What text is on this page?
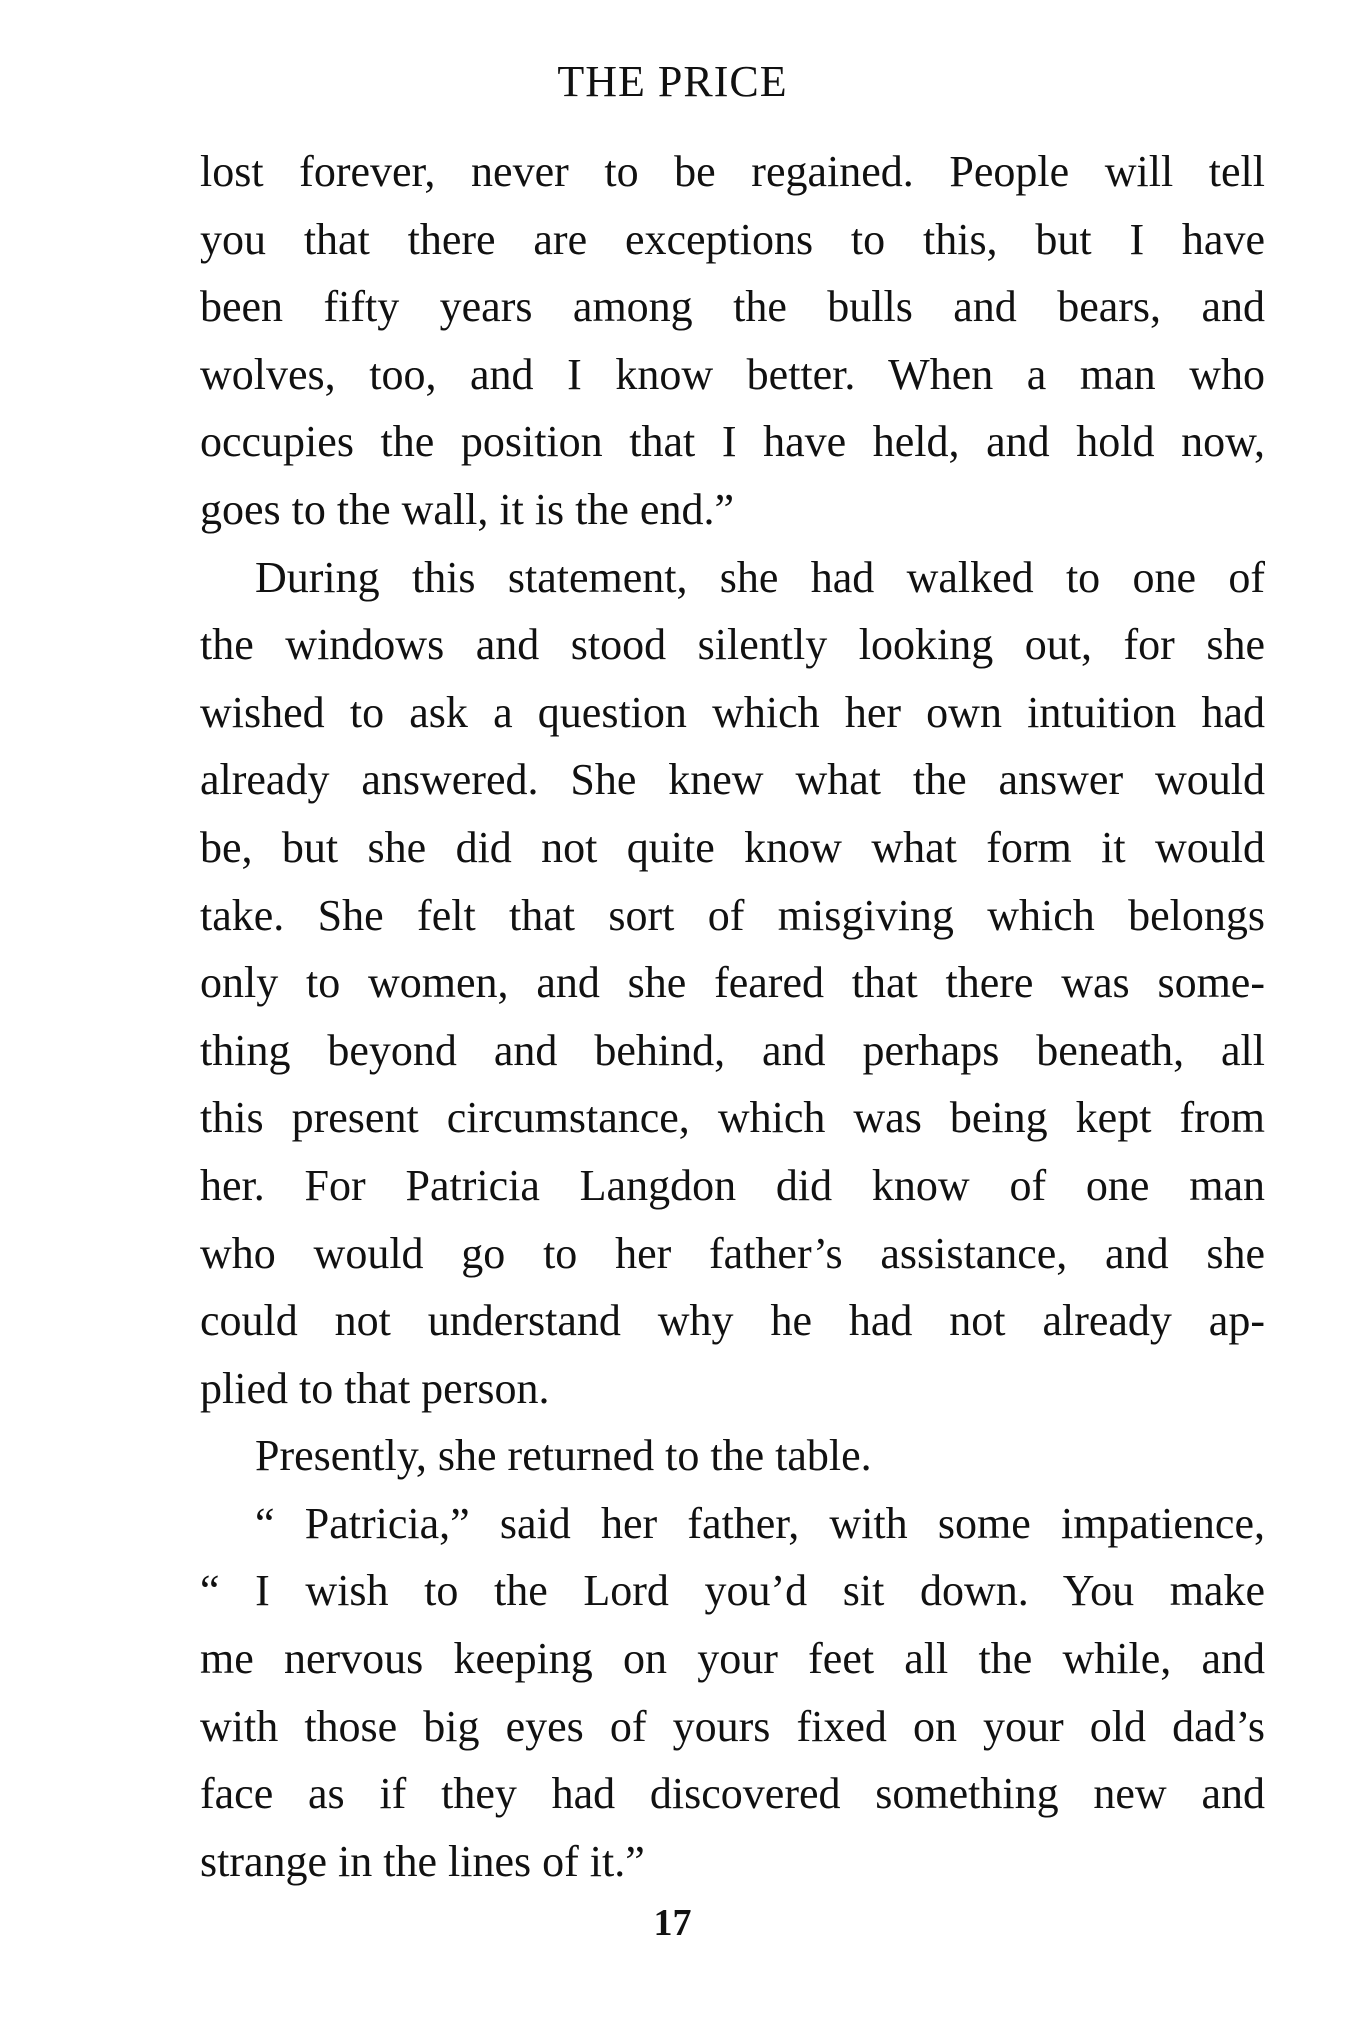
THE PRICE
lost forever, never to be regained. People will tell
you that there are exceptions to this, but I have
been fifty years among the bulls and bears, and
wolves, too, and I know better. When a man who
occupies the position that I have held, and hold now,
goes to the wall, it is the end.”
During this statement, she had walked to one of
the windows and stood silently looking out, for she
wished to ask a question which her own intuition had
already answered. She knew what the answer would
be, but she did not quite know what form it would
take. She felt that sort of misgiving which belongs
only to women, and she feared that there was some-
thing beyond and behind, and perhaps beneath, all
this present circumstance, which was being kept from
her. For Patricia Langdon did know of one man
who would go to her father’s assistance, and she
could not understand why he had not already ap-
plied to that person.
Presently, she returned to the table.
“ Patricia,” said her father, with some impatience,
“ I wish to the Lord you’d sit down. You make
me nervous keeping on your feet all the while, and
with those big eyes of yours fixed on your old dad’s
face as if they had discovered something new and
strange in the lines of it.”
17
